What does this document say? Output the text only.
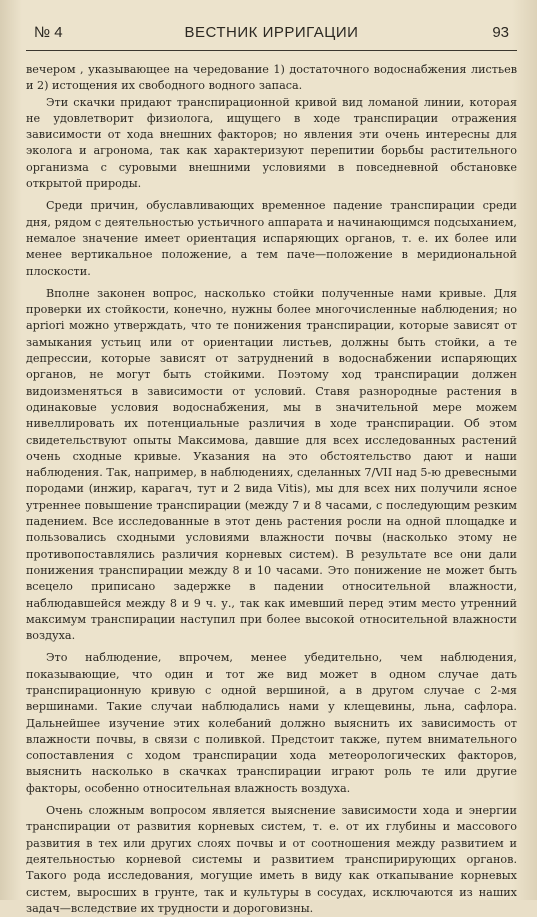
№ 4	ВЕСТНИК ИРРИГАЦИИ	93

вечером , указывающее на чередование 1) достаточного водоснабжения листьев и 2) истощения их свободного водного запаса.

Эти скачки придают транспирационной кривой вид ломаной линии, которая не удовлетворит физиолога, ищущего в ходе транспирации отражения зависимости от хода внешних факторов; но явления эти очень интересны для эколога и агронома, так как характеризуют перепитии борьбы растительного организма с суровыми внешними условиями в повседневной обстановке открытой природы.

Среди причин, обуславливающих временное падение транспирации среди дня, рядом с деятельностью устьичного аппарата и начинающимся подсыханием, немалое значение имеет ориентация испаряющих органов, т. е. их более или менее вертикальное положение, а тем паче—положение в меридиональной плоскости.

Вполне законен вопрос, насколько стойки полученные нами кривые. Для проверки их стойкости, конечно, нужны более многочисленные наблюдения; но apriori можно утверждать, что те понижения транспирации, которые зависят от замыкания устьиц или от ориентации листьев, должны быть стойки, а те депрессии, которые зависят от затруднений в водоснабжении испаряющих органов, не могут быть стойкими. Поэтому ход транспирации должен видоизменяться в зависимости от условий. Ставя разнородные растения в одинаковые условия водоснабжения, мы в значительной мере можем нивеллировать их потенциальные различия в ходе транспирации. Об этом свидетельствуют опыты Максимова, давшие для всех исследованных растений очень сходные кривые. Указания на это обстоятельство дают и наши наблюдения. Так, например, в наблюдениях, сделанных 7/VII над 5-ю древесными породами (инжир, карагач, тут и 2 вида Vitis), мы для всех них получили ясное утреннее повышение транспирации (между 7 и 8 часами, с последующим резким падением. Все исследованные в этот день растения росли на одной площадке и пользовались сходными условиями влажности почвы (насколько этому не противопоставлялись различия корневых систем). В результате все они дали понижения транспирации между 8 и 10 часами. Это понижение не может быть всецело приписано задержке в падении относительной влажности, наблюдавшейся между 8 и 9 ч. у., так как имевший перед этим место утренний максимум транспирации наступил при более высокой относительной влажности воздуха.

Это наблюдение, впрочем, менее убедительно, чем наблюдения, показывающие, что один и тот же вид может в одном случае дать транспирационную кривую с одной вершиной, а в другом случае с 2-мя вершинами. Такие случаи наблюдались нами у клещевины, льна, сафлора. Дальнейшее изучение этих колебаний должно выяснить их зависимость от влажности почвы, в связи с поливкой. Предстоит также, путем внимательного сопоставления с ходом транспирации хода метеорологических факторов, выяснить насколько в скачках транспирации играют роль те или другие факторы, особенно относительная влажность воздуха.

Очень сложным вопросом является выяснение зависимости хода и энергии транспирации от развития корневых систем, т. е. от их глубины и массового развития в тех или других слоях почвы и от соотношения между развитием и деятельностью корневой системы и развитием транспирирующих органов. Такого рода исследования, могущие иметь в виду как откапывание корневых систем, выросших в грунте, так и культуры в сосудах, исключаются из наших задач—вследствие их трудности и дороговизны.
